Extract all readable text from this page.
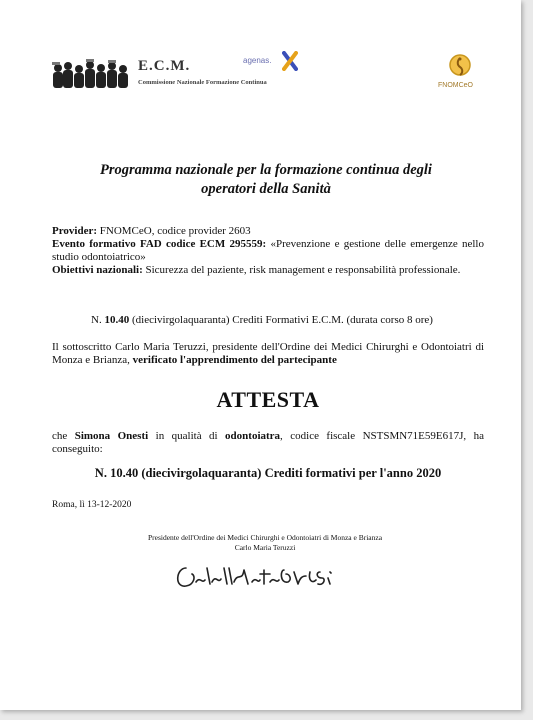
E.C.M.
Commissione Nazionale Formazione Continua
agenas.
FNOMCeO
Programma nazionale per la formazione continua degli
operatori della Sanità
Provider: FNOMCeO, codice provider 2603
Evento formativo FAD codice ECM 295559: «Prevenzione e gestione delle emergenze nello studio odontoiatrico»
Obiettivi nazionali: Sicurezza del paziente, risk management e responsabilità professionale.
N. 10.40 (diecivirgolaquaranta) Crediti Formativi E.C.M. (durata corso 8 ore)
Il sottoscritto Carlo Maria Teruzzi, presidente dell'Ordine dei Medici Chirurghi e Odontoiatri di Monza e Brianza, verificato l'apprendimento del partecipante
ATTESTA
che Simona Onesti in qualità di odontoiatra, codice fiscale NSTSMN71E59E617J, ha conseguito:
N. 10.40 (diecivirgolaquaranta) Crediti formativi per l'anno 2020
Roma, lì 13-12-2020
Presidente dell'Ordine dei Medici Chirurghi e Odontoiatri di Monza e Brianza
Carlo Maria Teruzzi
